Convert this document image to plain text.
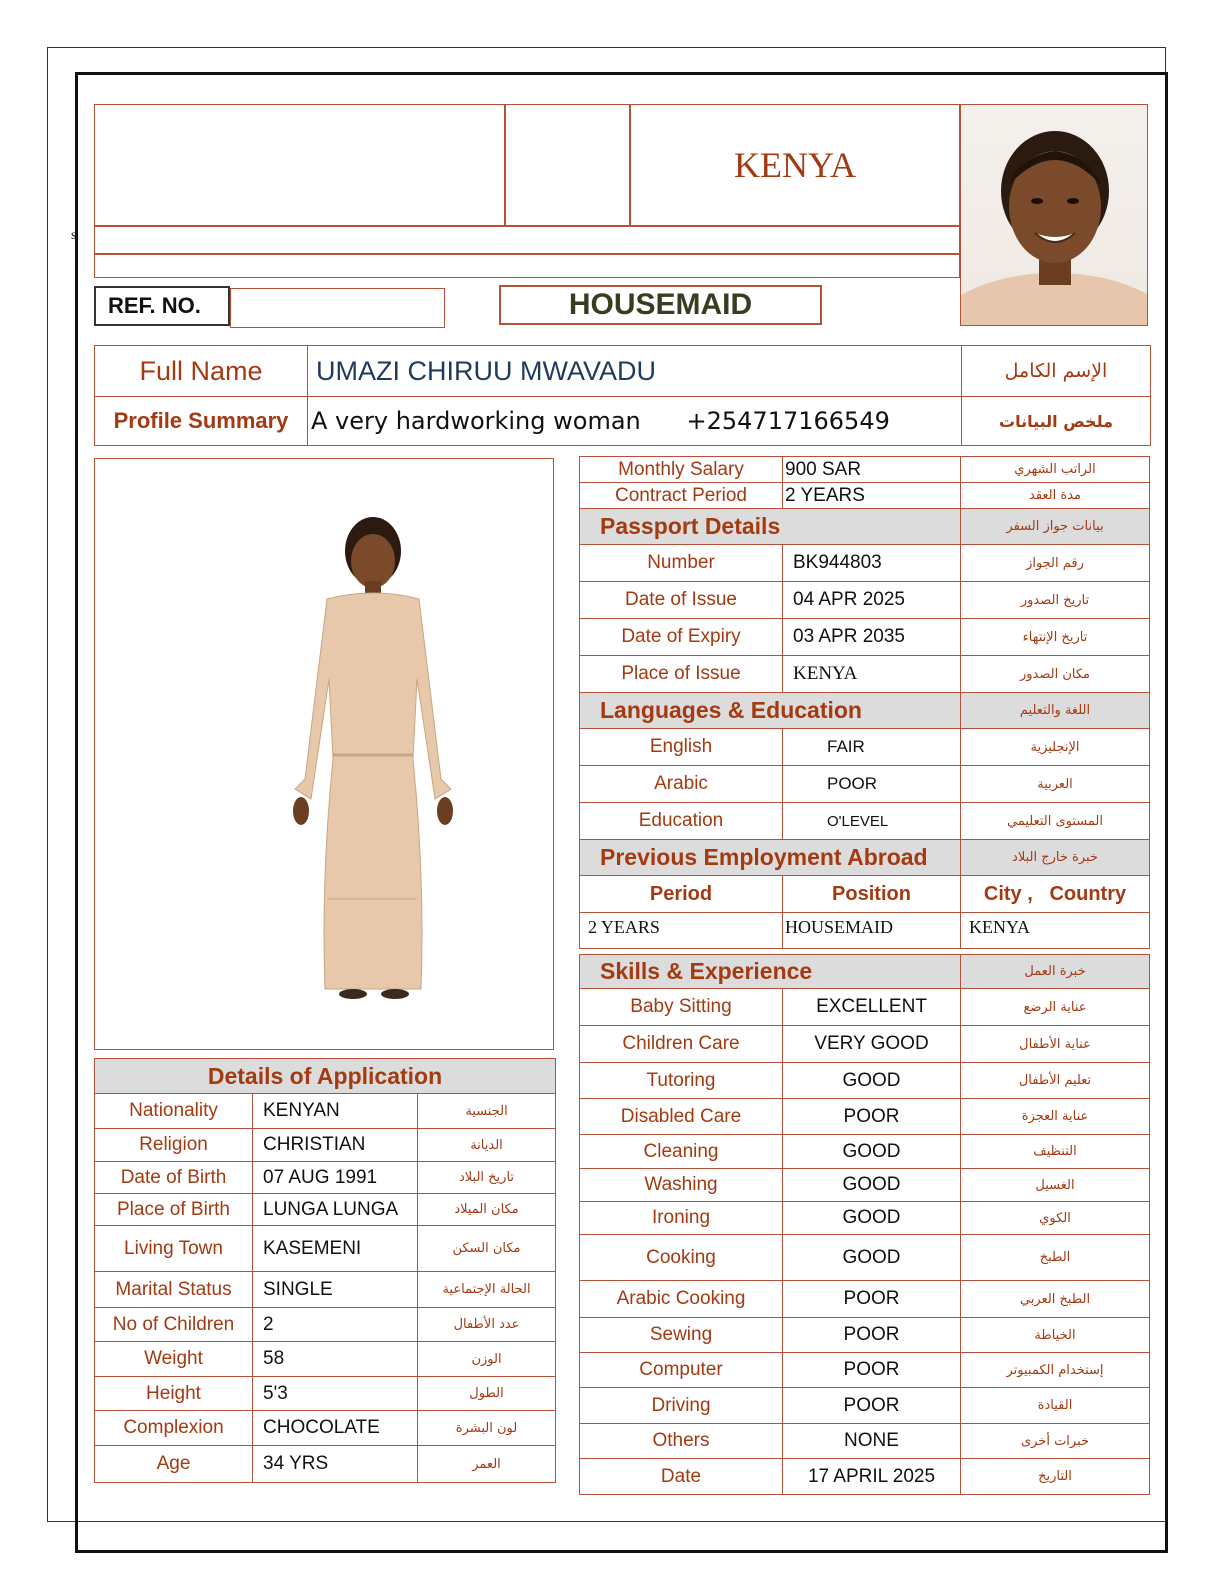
s
KENYA
REF. NO.	HOUSEMAID
Full Name	UMAZI CHIRUU MWAVADU	الإسم الكامل
Profile Summary	A very hardworking woman      +254717166549	ملخص البيانات
Details of Application		
Nationality	KENYAN	الجنسية
Religion	CHRISTIAN	الديانة
Date of Birth	07 AUG 1991	تاريخ البلاد
Place of Birth	LUNGA LUNGA	مكان الميلاد
Living Town	KASEMENI	مكان السكن
Marital Status	SINGLE	الحالة الإجتماعية
No of Children	2	عدد الأطفال
Weight	58	الوزن
Height	5'3	الطول
Complexion	CHOCOLATE	لون البشرة
Age	34 YRS	العمر
Monthly Salary	900 SAR	الراتب الشهري
Contract Period	2 YEARS	مدة العقد
Passport Details		بيانات جواز السفر
Number	BK944803	رقم الجواز
Date of Issue	04 APR 2025	تاريخ الصدور
Date of Expiry	03 APR 2035	تاريخ الإنتهاء
Place of Issue	KENYA	مكان الصدور
Languages & Education		اللغة والتعليم
English	FAIR	الإنجليزية
Arabic	POOR	العربية
Education	O'LEVEL	المستوى التعليمي
Previous Employment Abroad		خبرة خارج البلاد
Period	Position	City ,   Country
2 YEARS	HOUSEMAID	KENYA

Skills & Experience		خبرة العمل
Baby Sitting	EXCELLENT	عناية الرضع
Children Care	VERY GOOD	عناية الأطفال
Tutoring	GOOD	تعليم الأطفال
Disabled Care	POOR	عناية العجزة
Cleaning	GOOD	التنظيف
Washing	GOOD	الغسيل
Ironing	GOOD	الكوي
Cooking	GOOD	الطبخ
Arabic Cooking	POOR	الطبخ العربي
Sewing	POOR	الخياطة
Computer	POOR	إستخدام الكمبيوتر
Driving	POOR	القيادة
Others	NONE	خبرات أخرى
Date	17 APRIL 2025	التاريخ
